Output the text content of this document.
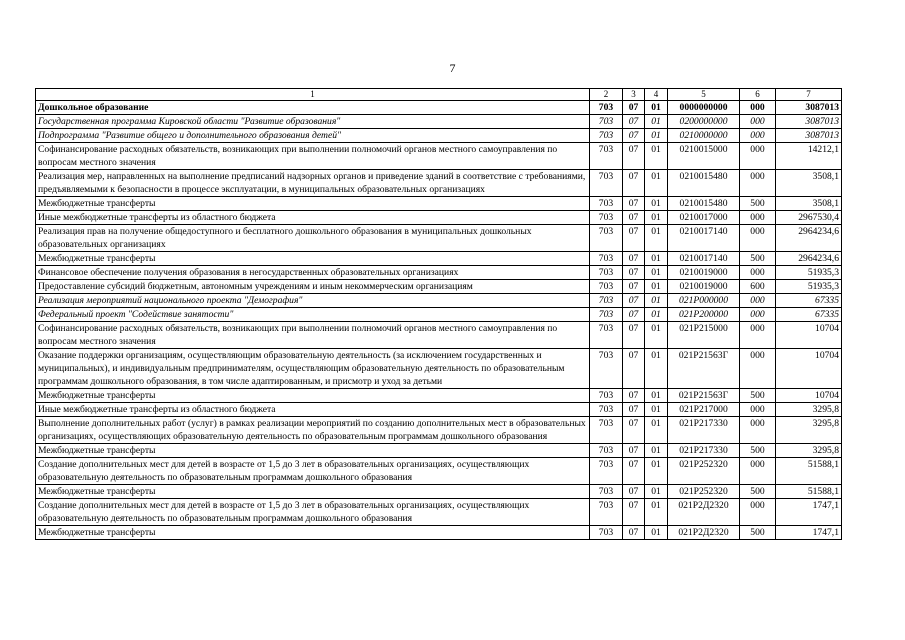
7
1	2	3	4	5	6	7
Дошкольное образование	703	07	01	0000000000	000	3087013
Государственная программа Кировской области "Развитие образования"	703	07	01	0200000000	000	3087013
Подпрограмма "Развитие общего и дополнительного образования детей"	703	07	01	0210000000	000	3087013
Софинансирование расходных обязательств, возникающих при выполнении полномочий органов местного самоуправления по вопросам местного значения	703	07	01	0210015000	000	14212,1
Реализация мер, направленных на выполнение предписаний надзорных органов и приведение зданий в соответствие с требованиями, предъявляемыми к безопасности в процессе эксплуатации, в муниципальных образовательных организациях	703	07	01	0210015480	000	3508,1
Межбюджетные трансферты	703	07	01	0210015480	500	3508,1
Иные межбюджетные трансферты из областного бюджета	703	07	01	0210017000	000	2967530,4
Реализация прав на получение общедоступного и бесплатного дошкольного образования в муниципальных дошкольных образовательных организациях	703	07	01	0210017140	000	2964234,6
Межбюджетные трансферты	703	07	01	0210017140	500	2964234,6
Финансовое обеспечение получения образования в негосударственных образовательных организациях	703	07	01	0210019000	000	51935,3
Предоставление субсидий бюджетным, автономным учреждениям и иным некоммерческим организациям	703	07	01	0210019000	600	51935,3
Реализация мероприятий национального проекта "Демография"	703	07	01	021P000000	000	67335
Федеральный проект "Содействие занятости"	703	07	01	021P200000	000	67335
Софинансирование расходных обязательств, возникающих при выполнении полномочий органов местного самоуправления по вопросам местного значения	703	07	01	021P215000	000	10704
Оказание поддержки организациям, осуществляющим образовательную деятельность (за исключением государственных и муниципальных), и индивидуальным предпринимателям, осуществляющим образовательную деятельность по образовательным программам дошкольного образования, в том числе адаптированным, и присмотр и уход за детьми	703	07	01	021P21563Г	000	10704
Межбюджетные трансферты	703	07	01	021P21563Г	500	10704
Иные межбюджетные трансферты из областного бюджета	703	07	01	021P217000	000	3295,8
Выполнение дополнительных работ (услуг) в рамках реализации мероприятий по созданию дополнительных мест в образовательных организациях, осуществляющих образовательную деятельность по образовательным программам дошкольного образования	703	07	01	021P217330	000	3295,8
Межбюджетные трансферты	703	07	01	021P217330	500	3295,8
Создание дополнительных мест для детей в возрасте от 1,5 до 3 лет в образовательных организациях, осуществляющих образовательную деятельность по образовательным программам дошкольного образования	703	07	01	021P252320	000	51588,1
Межбюджетные трансферты	703	07	01	021P252320	500	51588,1
Создание дополнительных мест для детей в возрасте от 1,5 до 3 лет в образовательных организациях, осуществляющих образовательную деятельность по образовательным программам дошкольного образования	703	07	01	021P2Д2320	000	1747,1
Межбюджетные трансферты	703	07	01	021P2Д2320	500	1747,1
